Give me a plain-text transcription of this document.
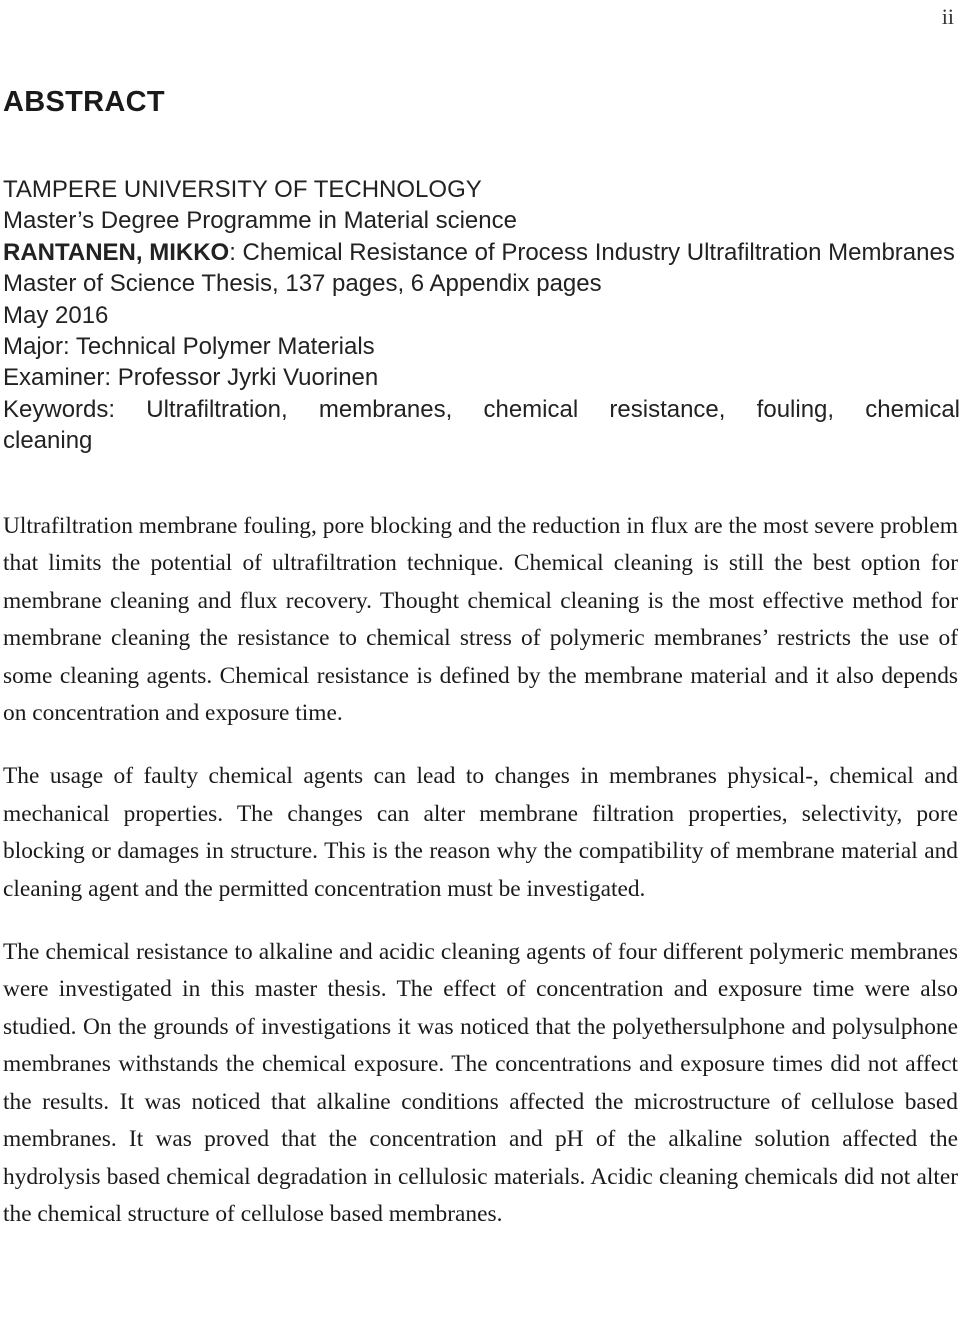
ii
ABSTRACT
TAMPERE UNIVERSITY OF TECHNOLOGY
Master’s Degree Programme in Material science
RANTANEN, MIKKO: Chemical Resistance of Process Industry Ultrafiltration Membranes
Master of Science Thesis, 137 pages, 6 Appendix pages
May 2016
Major: Technical Polymer Materials
Examiner: Professor Jyrki Vuorinen
Keywords: Ultrafiltration, membranes, chemical resistance, fouling, chemical
cleaning

Ultrafiltration membrane fouling, pore blocking and the reduction in flux are the most severe problem that limits the potential of ultrafiltration technique. Chemical cleaning is still the best option for membrane cleaning and flux recovery. Thought chemical cleaning is the most effective method for membrane cleaning the resistance to chemical stress of polymeric membranes’ restricts the use of some cleaning agents. Chemical resistance is defined by the membrane material and it also depends on concentration and exposure time.

The usage of faulty chemical agents can lead to changes in membranes physical-, chemical and mechanical properties. The changes can alter membrane filtration properties, selectivity, pore blocking or damages in structure. This is the reason why the compatibility of membrane material and cleaning agent and the permitted concentration must be investigated.

The chemical resistance to alkaline and acidic cleaning agents of four different polymeric membranes were investigated in this master thesis. The effect of concentration and exposure time were also studied. On the grounds of investigations it was noticed that the polyethersulphone and polysulphone membranes withstands the chemical exposure. The concentrations and exposure times did not affect the results. It was noticed that alkaline conditions affected the microstructure of cellulose based membranes. It was proved that the concentration and pH of the alkaline solution affected the hydrolysis based chemical degradation in cellulosic materials. Acidic cleaning chemicals did not alter the chemical structure of cellulose based membranes.
